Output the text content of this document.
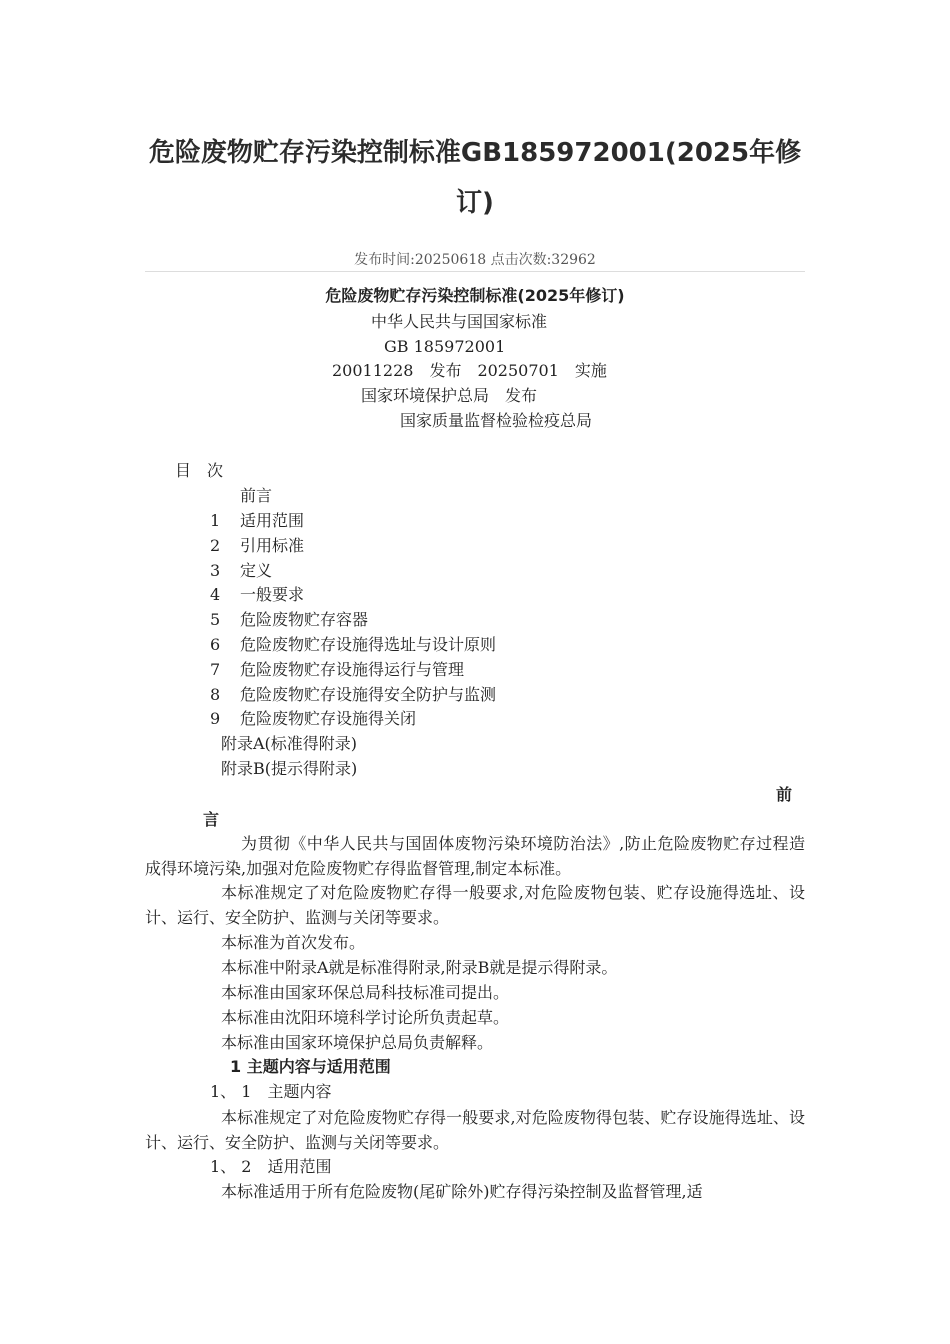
危险废物贮存污染控制标准GB185972001(2025年修订)
发布时间:20250618 点击次数:32962
危险废物贮存污染控制标准(2025年修订)
中华人民共与国国家标准
GB 185972001
20011228　发布　20250701　实施
国家环境保护总局　发布
国家质量监督检验检疫总局
目　次
前言
1 适用范围
2 引用标准
3 定义
4 一般要求
5 危险废物贮存容器
6 危险废物贮存设施得选址与设计原则
7 危险废物贮存设施得运行与管理
8 危险废物贮存设施得安全防护与监测
9 危险废物贮存设施得关闭
附录A(标准得附录)
附录B(提示得附录)
前
言
为贯彻《中华人民共与国固体废物污染环境防治法》,防止危险废物贮存过程造成得环境污染,加强对危险废物贮存得监督管理,制定本标准。
本标准规定了对危险废物贮存得一般要求,对危险废物包装、贮存设施得选址、设计、运行、安全防护、监测与关闭等要求。
本标准为首次发布。
本标准中附录A就是标准得附录,附录B就是提示得附录。
本标准由国家环保总局科技标准司提出。
本标准由沈阳环境科学讨论所负责起草。
本标准由国家环境保护总局负责解释。
1 主题内容与适用范围
1、 1　主题内容
本标准规定了对危险废物贮存得一般要求,对危险废物得包装、贮存设施得选址、设计、运行、安全防护、监测与关闭等要求。
1、 2　适用范围
本标准适用于所有危险废物(尾矿除外)贮存得污染控制及监督管理,适
